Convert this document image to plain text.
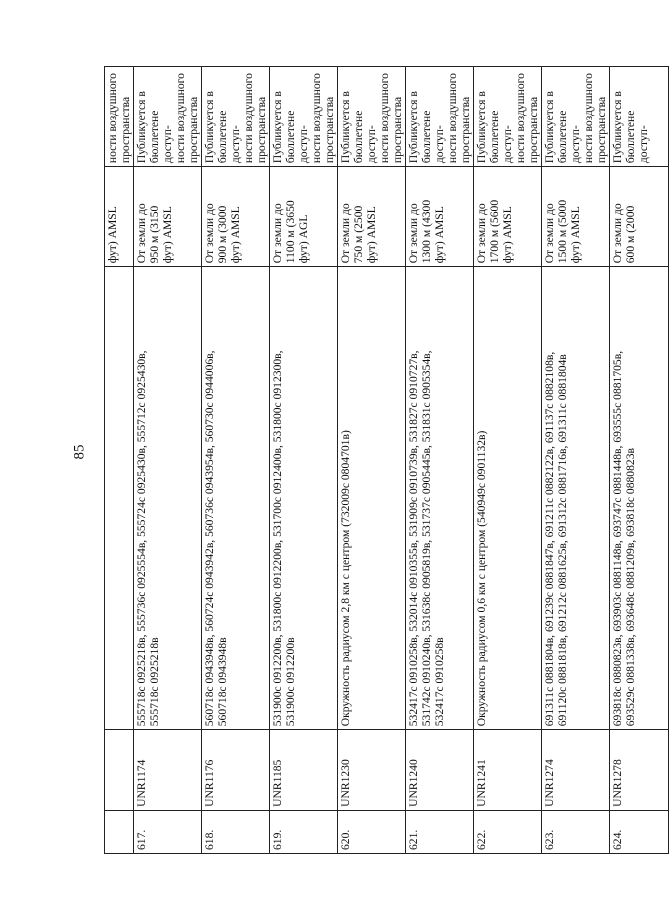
85
			фут) AMSL	ности воздушного пространства

617.	UNR1174	555718с 0925218в, 555736с 0925554в, 555724с 0925430в, 555712с 0925430в, 555718с 0925218в	От земли до 950 м (3150 фут) AMSL	Публикуется в бюллетене доступ- ности воздушного пространства

618.	UNR1176	560718с 0943948в, 560724с 0943942в, 560736с 0943954в, 560730с 0944006в, 560718с 0943948в	От земли до 900 м (3000 фут) AMSL	Публикуется в бюллетене доступ- ности воздушного пространства

619.	UNR1185	531900с 0912200в, 531800с 0912200в, 531700с 0912400в, 531800с 0912300в, 531900с 0912200в	От земли до 1100 м (3650 фут) AGL	Публикуется в бюллетене доступ- ности воздушного пространства

620.	UNR1230	Окружность радиусом 2,8 км с центром (732009с 0804701в)	От земли до 750 м (2500 фут) AMSL	Публикуется в бюллетене доступ- ности воздушного пространства

621.	UNR1240	532417с 0910258в, 532014с 0910355в, 531909с 0910739в, 531827с 0910727в, 531742с 0910240в, 531638с 0905819в, 531737с 0905445в, 531831с 0905354в, 532417с 0910258в	От земли до 1300 м (4300 фут) AMSL	Публикуется в бюллетене доступ- ности воздушного пространства

622.	UNR1241	Окружность радиусом 0,6 км с центром (540949с 0901132в)	От земли до 1700 м (5600 фут) AMSL	Публикуется в бюллетене доступ- ности воздушного пространства

623.	UNR1274	691311с 0881804в, 691239с 0881847в, 691211с 0882122в, 691137с 0882108в, 691120с 0881818в, 691212с 0881625в, 691312с 0881716в, 691311с 0881804в	От земли до 1500 м (5000 фут) AMSL	Публикуется в бюллетене доступ- ности воздушного пространства

624.	UNR1278	693818с 0880823в, 693903с 0881148в, 693747с 0881448в, 693555с 0881705в, 693529с 0881338в, 693648с 0881209в, 693818с 0880823в	От земли до 600 м (2000	Публикуется в бюллетене доступ-
